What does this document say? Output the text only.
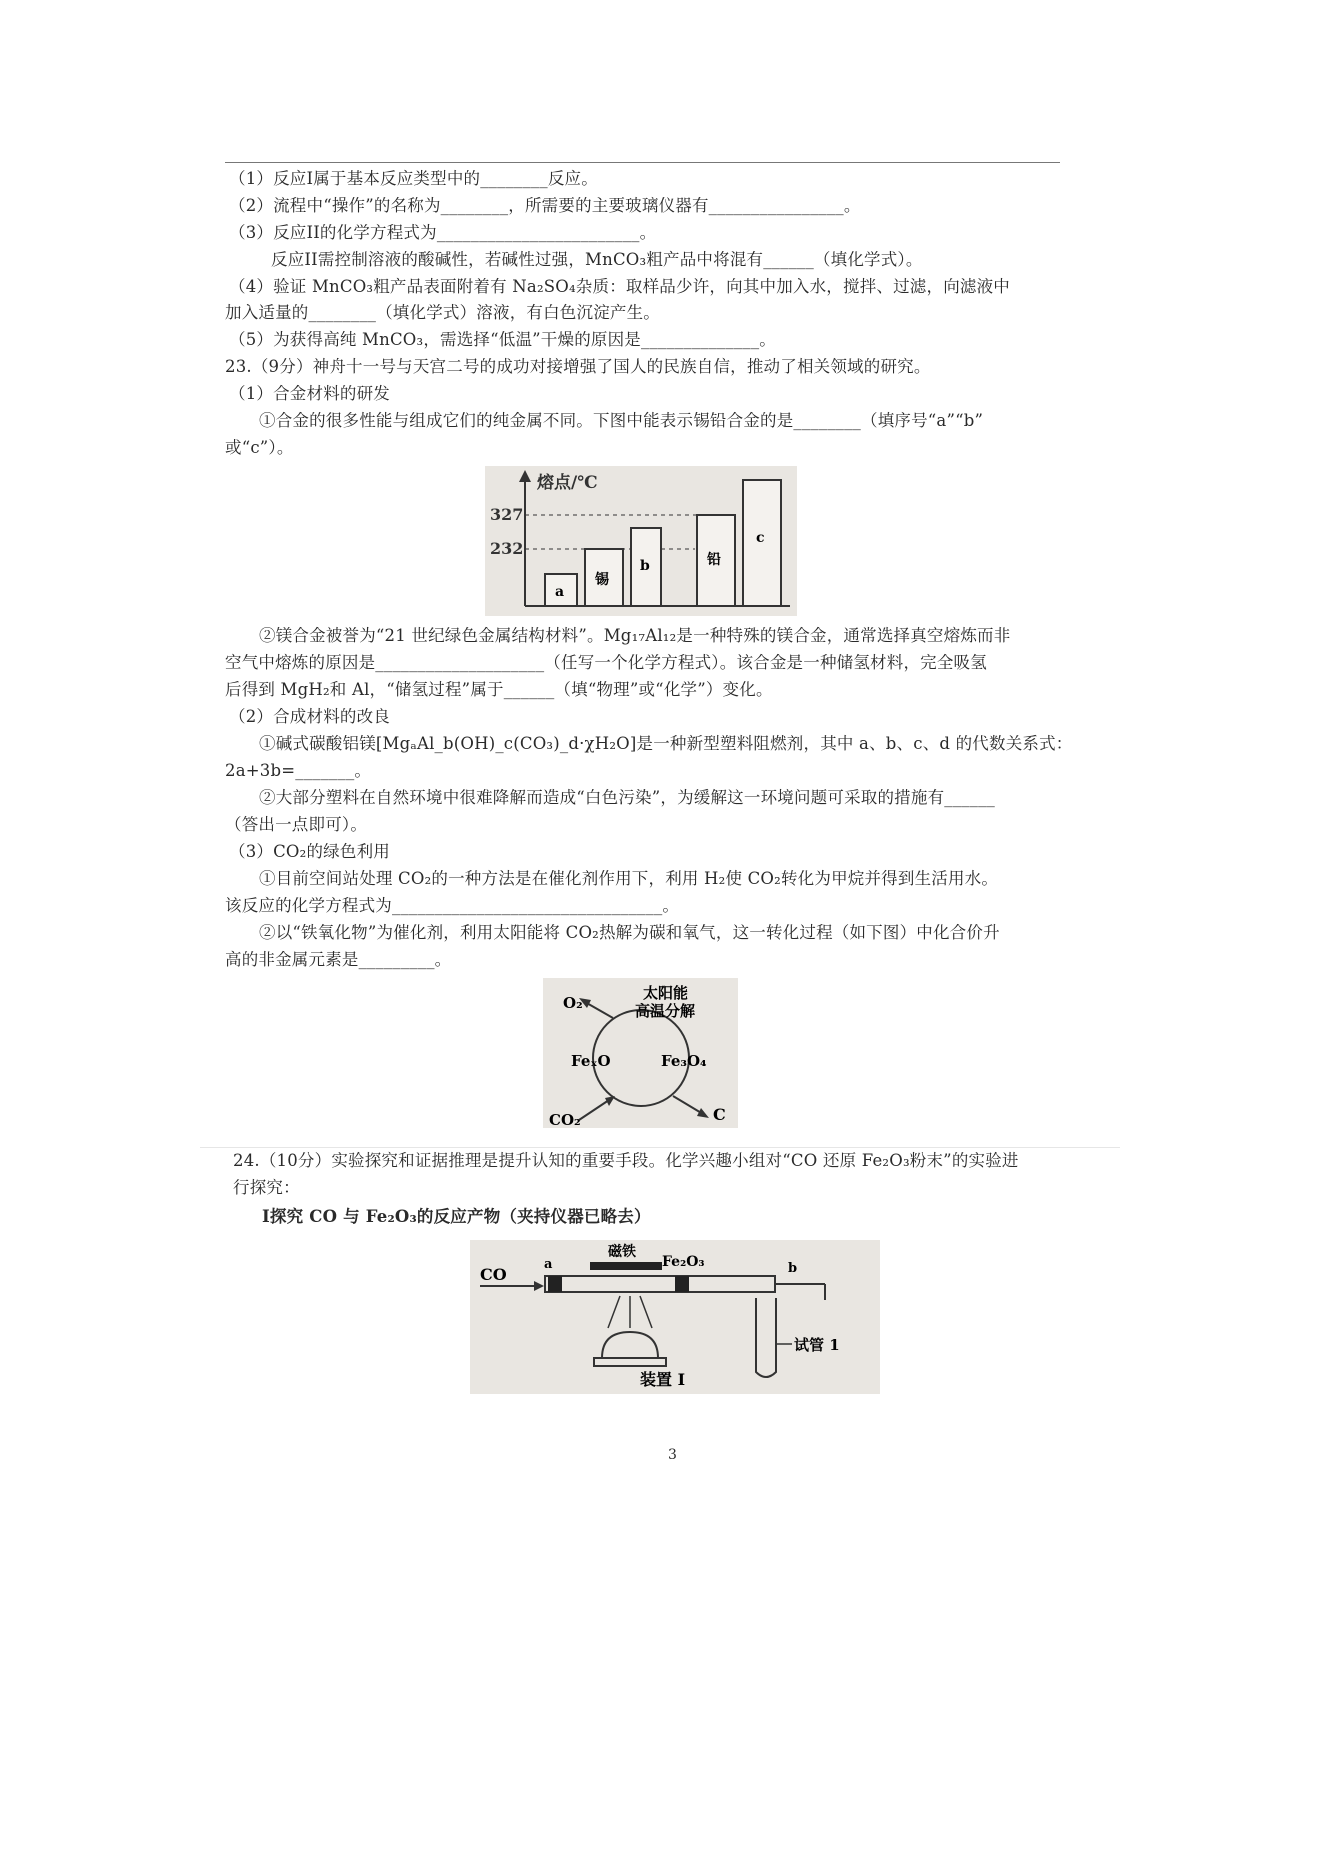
（1）反应I属于基本反应类型中的________反应。
（2）流程中“操作”的名称为________，所需要的主要玻璃仪器有________________。
（3）反应II的化学方程式为________________________。
反应II需控制溶液的酸碱性，若碱性过强，MnCO₃粗产品中将混有______（填化学式）。
（4）验证 MnCO₃粗产品表面附着有 Na₂SO₄杂质：取样品少许，向其中加入水，搅拌、过滤，向滤液中
加入适量的________（填化学式）溶液，有白色沉淀产生。
（5）为获得高纯 MnCO₃，需选择“低温”干燥的原因是______________。
23.（9分）神舟十一号与天宫二号的成功对接增强了国人的民族自信，推动了相关领域的研究。
（1）合金材料的研发
①合金的很多性能与组成它们的纯金属不同。下图中能表示锡铅合金的是________（填序号“a”“b”
或“c”）。
熔点/℃
327
232
a
锡
b	铅
c
②镁合金被誉为“21 世纪绿色金属结构材料”。Mg₁₇Al₁₂是一种特殊的镁合金，通常选择真空熔炼而非
空气中熔炼的原因是____________________（任写一个化学方程式）。该合金是一种储氢材料，完全吸氢
后得到 MgH₂和 Al，“储氢过程”属于______（填“物理”或“化学”）变化。
（2）合成材料的改良
①碱式碳酸铝镁[MgₐAl_b(OH)_c(CO₃)_d·χH₂O]是一种新型塑料阻燃剂，其中 a、b、c、d 的代数关系式：
2a+3b=_______。
②大部分塑料在自然环境中很难降解而造成“白色污染”，为缓解这一环境问题可采取的措施有______
（答出一点即可）。
（3）CO₂的绿色利用
①目前空间站处理 CO₂的一种方法是在催化剂作用下，利用 H₂使 CO₂转化为甲烷并得到生活用水。
该反应的化学方程式为________________________________。
②以“铁氧化物”为催化剂，利用太阳能将 CO₂热解为碳和氧气，这一转化过程（如下图）中化合价升
高的非金属元素是_________。
O₂
太阳能
高温分解
FeₓO	Fe₃O₄
CO₂	C
24.（10分）实验探究和证据推理是提升认知的重要手段。化学兴趣小组对“CO 还原 Fe₂O₃粉末”的实验进
行探究：
I探究 CO 与 Fe₂O₃的反应产物（夹持仪器已略去）
CO
a
磁铁
Fe₂O₃	b
试管 1
装置 I
3
